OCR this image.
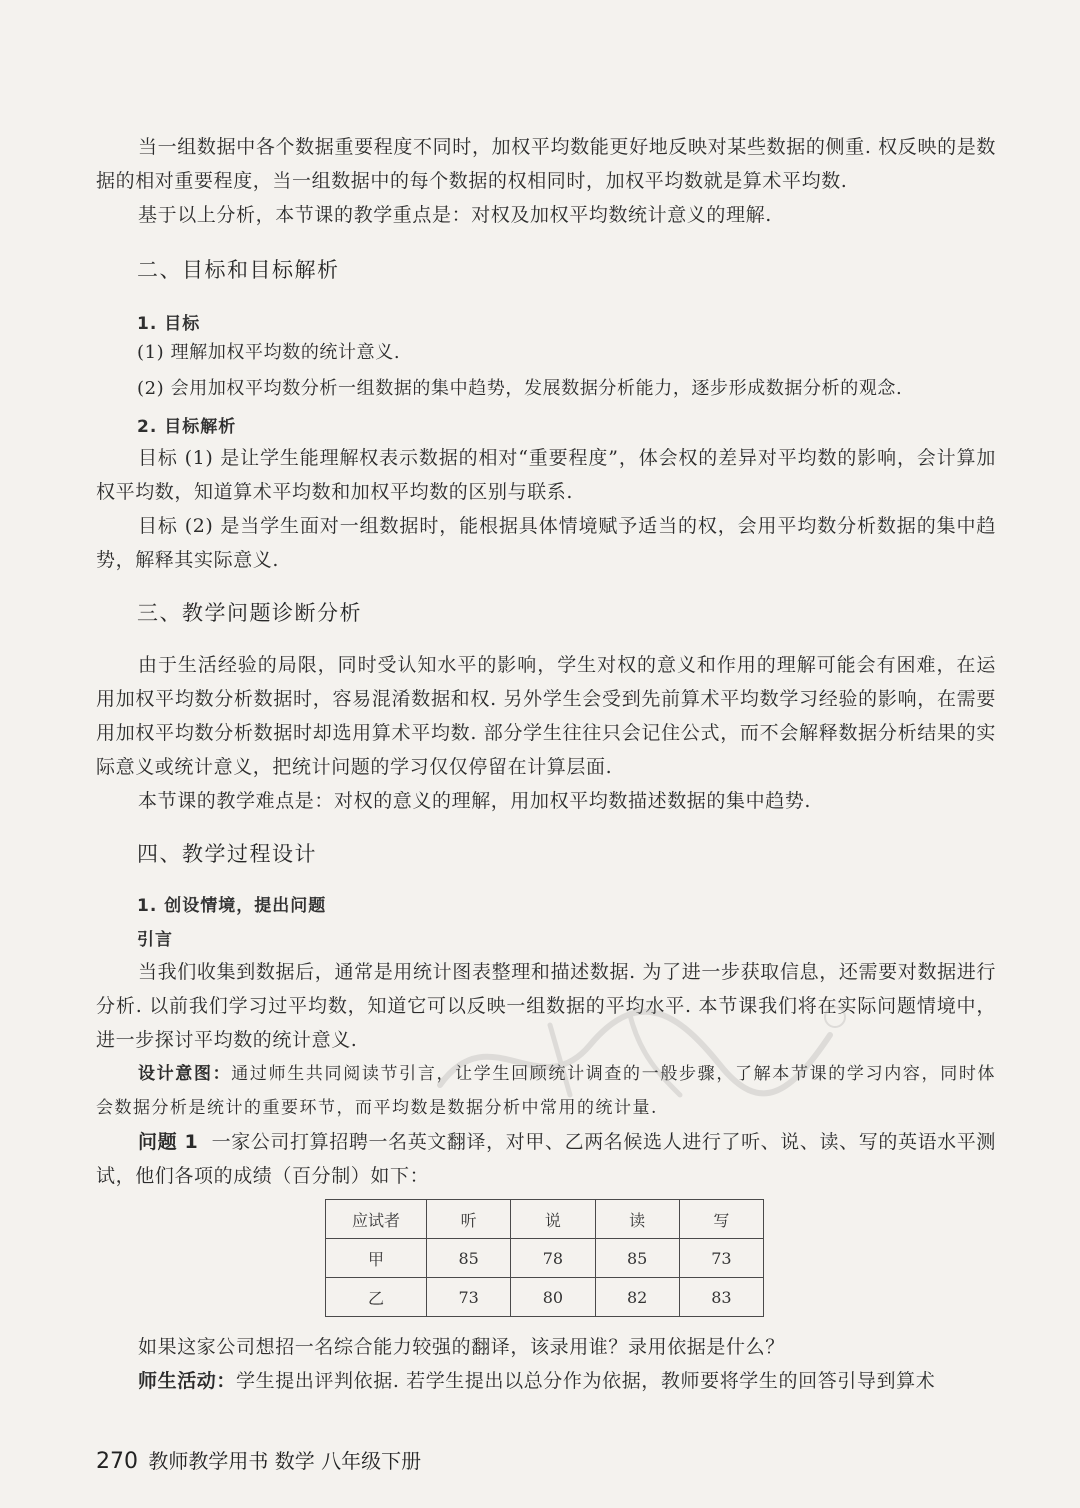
当一组数据中各个数据重要程度不同时，加权平均数能更好地反映对某些数据的侧重. 权反映的是数据的相对重要程度，当一组数据中的每个数据的权相同时，加权平均数就是算术平均数.

基于以上分析，本节课的教学重点是：对权及加权平均数统计意义的理解.

二、目标和目标解析
1. 目标
(1) 理解加权平均数的统计意义.
(2) 会用加权平均数分析一组数据的集中趋势，发展数据分析能力，逐步形成数据分析的观念.
2. 目标解析

目标 (1) 是让学生能理解权表示数据的相对“重要程度”，体会权的差异对平均数的影响，会计算加权平均数，知道算术平均数和加权平均数的区别与联系.

目标 (2) 是当学生面对一组数据时，能根据具体情境赋予适当的权，会用平均数分析数据的集中趋势，解释其实际意义.

三、教学问题诊断分析

由于生活经验的局限，同时受认知水平的影响，学生对权的意义和作用的理解可能会有困难，在运用加权平均数分析数据时，容易混淆数据和权. 另外学生会受到先前算术平均数学习经验的影响，在需要用加权平均数分析数据时却选用算术平均数. 部分学生往往只会记住公式，而不会解释数据分析结果的实际意义或统计意义，把统计问题的学习仅仅停留在计算层面.

本节课的教学难点是：对权的意义的理解，用加权平均数描述数据的集中趋势.

四、教学过程设计
1. 创设情境，提出问题
引言

当我们收集到数据后，通常是用统计图表整理和描述数据. 为了进一步获取信息，还需要对数据进行分析. 以前我们学习过平均数，知道它可以反映一组数据的平均水平. 本节课我们将在实际问题情境中，进一步探讨平均数的统计意义.

设计意图：通过师生共同阅读节引言，让学生回顾统计调查的一般步骤，了解本节课的学习内容，同时体会数据分析是统计的重要环节，而平均数是数据分析中常用的统计量.

问题 1 一家公司打算招聘一名英文翻译，对甲、乙两名候选人进行了听、说、读、写的英语水平测试，他们各项的成绩（百分制）如下：

应试者	听	说	读	写
甲	85	78	85	73
乙	73	80	82	83

如果这家公司想招一名综合能力较强的翻译，该录用谁？录用依据是什么？

师生活动：学生提出评判依据. 若学生提出以总分作为依据，教师要将学生的回答引导到算术

270 教师教学用书 数学 八年级下册
